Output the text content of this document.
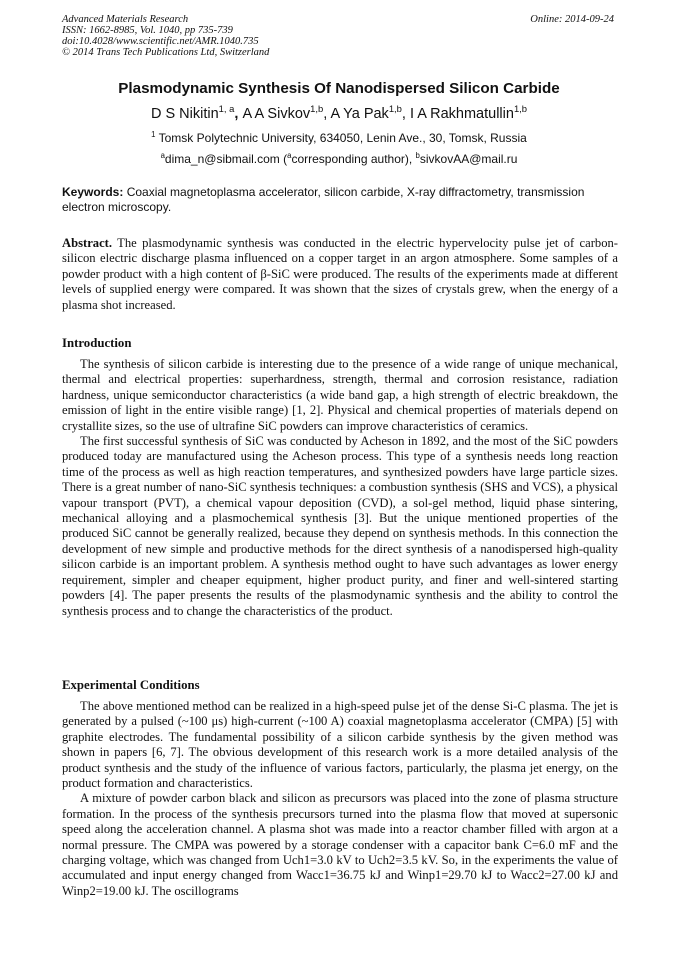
Advanced Materials Research
ISSN: 1662-8985, Vol. 1040, pp 735-739
doi:10.4028/www.scientific.net/AMR.1040.735
© 2014 Trans Tech Publications Ltd, Switzerland
Online: 2014-09-24
Plasmodynamic Synthesis Of Nanodispersed Silicon Carbide
D S Nikitin$^{1, a}$, A A Sivkov$^{1,b}$, A Ya Pak$^{1,b}$, I A Rakhmatullin$^{1,b}$
$^1$ Tomsk Polytechnic University, 634050, Lenin Ave., 30, Tomsk, Russia
$^a$dima_n@sibmail.com ($^a$corresponding author), $^b$sivkovAA@mail.ru
Keywords: Coaxial magnetoplasma accelerator, silicon carbide, X-ray diffractometry, transmission electron microscopy.

Abstract. The plasmodynamic synthesis was conducted in the electric hypervelocity pulse jet of carbon-silicon electric discharge plasma influenced on a copper target in an argon atmosphere. Some samples of a powder product with a high content of β-SiC were produced. The results of the experiments made at different levels of supplied energy were compared. It was shown that the sizes of crystals grew, when the energy of a plasma shot increased.

Introduction

The synthesis of silicon carbide is interesting due to the presence of a wide range of unique mechanical, thermal and electrical properties: superhardness, strength, thermal and corrosion resistance, radiation hardness, unique semiconductor characteristics (a wide band gap, a high strength of electric breakdown, the emission of light in the entire visible range) [1, 2]. Physical and chemical properties of materials depend on crystallite sizes, so the use of ultrafine SiC powders can improve characteristics of ceramics.

The first successful synthesis of SiC was conducted by Acheson in 1892, and the most of the SiC powders produced today are manufactured using the Acheson process. This type of a synthesis needs long reaction time of the process as well as high reaction temperatures, and synthesized powders have large particle sizes. There is a great number of nano-SiC synthesis techniques: a combustion synthesis (SHS and VCS), a physical vapour transport (PVT), a chemical vapour deposition (CVD), a sol-gel method, liquid phase sintering, mechanical alloying and a plasmochemical synthesis [3]. But the unique mentioned properties of the produced SiC cannot be generally realized, because they depend on synthesis methods. In this connection the development of new simple and productive methods for the direct synthesis of a nanodispersed high-quality silicon carbide is an important problem. A synthesis method ought to have such advantages as lower energy requirement, simpler and cheaper equipment, higher product purity, and finer and well-sintered starting powders [4]. The paper presents the results of the plasmodynamic synthesis and the ability to control the synthesis process and to change the characteristics of the product.

Experimental Conditions

The above mentioned method can be realized in a high-speed pulse jet of the dense Si-C plasma. The jet is generated by a pulsed (~100 μs) high-current (~100 A) coaxial magnetoplasma accelerator (CMPA) [5] with graphite electrodes. The fundamental possibility of a silicon carbide synthesis by the given method was shown in papers [6, 7]. The obvious development of this research work is a more detailed analysis of the product synthesis and the study of the influence of various factors, particularly, the plasma jet energy, on the product formation and characteristics.

A mixture of powder carbon black and silicon as precursors was placed into the zone of plasma structure formation. In the process of the synthesis precursors turned into the plasma flow that moved at supersonic speed along the acceleration channel. A plasma shot was made into a reactor chamber filled with argon at a normal pressure. The CMPA was powered by a storage condenser with a capacitor bank C=6.0 mF and the charging voltage, which was changed from Uch1=3.0 kV to Uch2=3.5 kV. So, in the experiments the value of accumulated and input energy changed from Wacc1=36.75 kJ and Winp1=29.70 kJ to Wacc2=27.00 kJ and Winp2=19.00 kJ. The oscillograms
